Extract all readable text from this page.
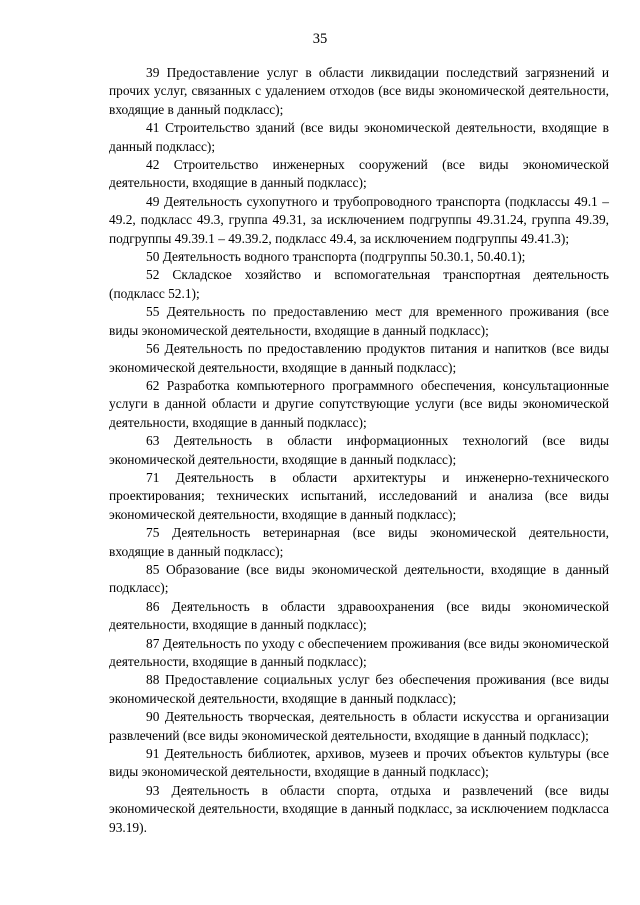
35

39 Предоставление услуг в области ликвидации последствий загрязнений и прочих услуг, связанных с удалением отходов (все виды экономической деятельности, входящие в данный подкласс);

41 Строительство зданий (все виды экономической деятельности, входящие в данный подкласс);

42 Строительство инженерных сооружений (все виды экономической деятельности, входящие в данный подкласс);

49 Деятельность сухопутного и трубопроводного транспорта (подклассы 49.1 – 49.2, подкласс 49.3, группа 49.31, за исключением подгруппы 49.31.24, группа 49.39, подгруппы 49.39.1 – 49.39.2, подкласс 49.4, за исключением подгруппы 49.41.3);

50 Деятельность водного транспорта (подгруппы 50.30.1, 50.40.1);

52 Складское хозяйство и вспомогательная транспортная деятельность (подкласс 52.1);

55 Деятельность по предоставлению мест для временного проживания (все виды экономической деятельности, входящие в данный подкласс);

56 Деятельность по предоставлению продуктов питания и напитков (все виды экономической деятельности, входящие в данный подкласс);

62 Разработка компьютерного программного обеспечения, консультационные услуги в данной области и другие сопутствующие услуги (все виды экономической деятельности, входящие в данный подкласс);

63 Деятельность в области информационных технологий (все виды экономической деятельности, входящие в данный подкласс);

71 Деятельность в области архитектуры и инженерно-технического проектирования; технических испытаний, исследований и анализа (все виды экономической деятельности, входящие в данный подкласс);

75 Деятельность ветеринарная (все виды экономической деятельности, входящие в данный подкласс);

85 Образование (все виды экономической деятельности, входящие в данный подкласс);

86 Деятельность в области здравоохранения (все виды экономической деятельности, входящие в данный подкласс);

87 Деятельность по уходу с обеспечением проживания (все виды экономической деятельности, входящие в данный подкласс);

88 Предоставление социальных услуг без обеспечения проживания (все виды экономической деятельности, входящие в данный подкласс);

90 Деятельность творческая, деятельность в области искусства и организации развлечений (все виды экономической деятельности, входящие в данный подкласс);

91 Деятельность библиотек, архивов, музеев и прочих объектов культуры (все виды экономической деятельности, входящие в данный подкласс);

93 Деятельность в области спорта, отдыха и развлечений (все виды экономической деятельности, входящие в данный подкласс, за исключением подкласса 93.19).
